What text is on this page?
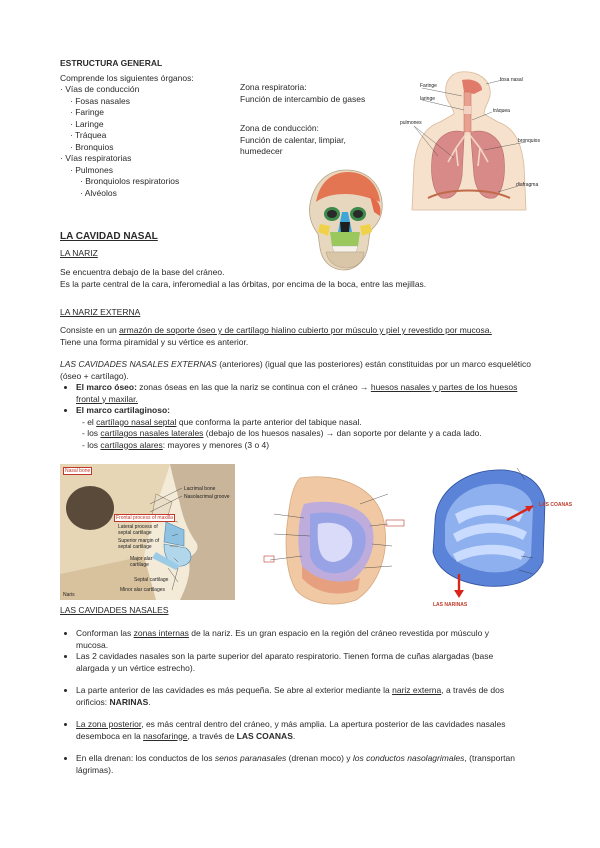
ESTRUCTURA GENERAL
Comprende los siguientes órganos:
· Vías de conducción
· Fosas nasales
· Faringe
· Laringe
· Tráquea
· Bronquios
· Vías respiratorias
· Pulmones
· Bronquiolos respiratorios
· Alvéolos
Zona respiratoria:
Función de intercambio de gases
Zona de conducción:
Función de calentar, limpiar,
humedecer
fosa nasal
Faringe
laringe
tráquea
pulmones
bronquios
diafragma
LA CAVIDAD NASAL
LA NARIZ
Se encuentra debajo de la base del cráneo.
Es la parte central de la cara, inferomedial a las órbitas, por encima de la boca, entre las mejillas.
LA NARIZ EXTERNA
Consiste en un armazón de soporte óseo y de cartílago hialino cubierto por músculo y piel y revestido por mucosa.
Tiene una forma piramidal y su vértice es anterior.
LAS CAVIDADES NASALES EXTERNAS (anteriores) (igual que las posteriores) están constituidas por un marco esquelético
(óseo + cartílago).
• El marco óseo: zonas óseas en las que la nariz se continua con el cráneo → huesos nasales y partes de los huesos
frontal y maxilar.
• El marco cartilaginoso:
- el cartílago nasal septal que conforma la parte anterior del tabique nasal.
- los cartílagos nasales laterales (debajo de los huesos nasales) → dan soporte por delante y a cada lado.
- los cartílagos alares: mayores y menores (3 o 4)
Nasal bone
Lacrimal bone
Nasolacrimal groove
Frontal process of maxilla
Lateral process of
septal cartilage
Superior margin of
septal cartilage
Major alar
cartilage
Septal cartilage
Minor alar cartilages
Naris
LAS COANAS
LAS NARINAS
LAS CAVIDADES NASALES
• Conforman las zonas internas de la nariz. Es un gran espacio en la región del cráneo revestida por músculo y
mucosa.
• Las 2 cavidades nasales son la parte superior del aparato respiratorio. Tienen forma de cuñas alargadas (base
alargada y un vértice estrecho).
• La parte anterior de las cavidades es más pequeña. Se abre al exterior mediante la nariz externa, a través de dos
orificios: NARINAS.
• La zona posterior, es más central dentro del cráneo, y más amplia. La apertura posterior de las cavidades nasales
desemboca en la nasofaringe, a través de LAS COANAS.
• En ella drenan: los conductos de los senos paranasales (drenan moco) y los conductos nasolagrimales, (transportan
lágrimas).
